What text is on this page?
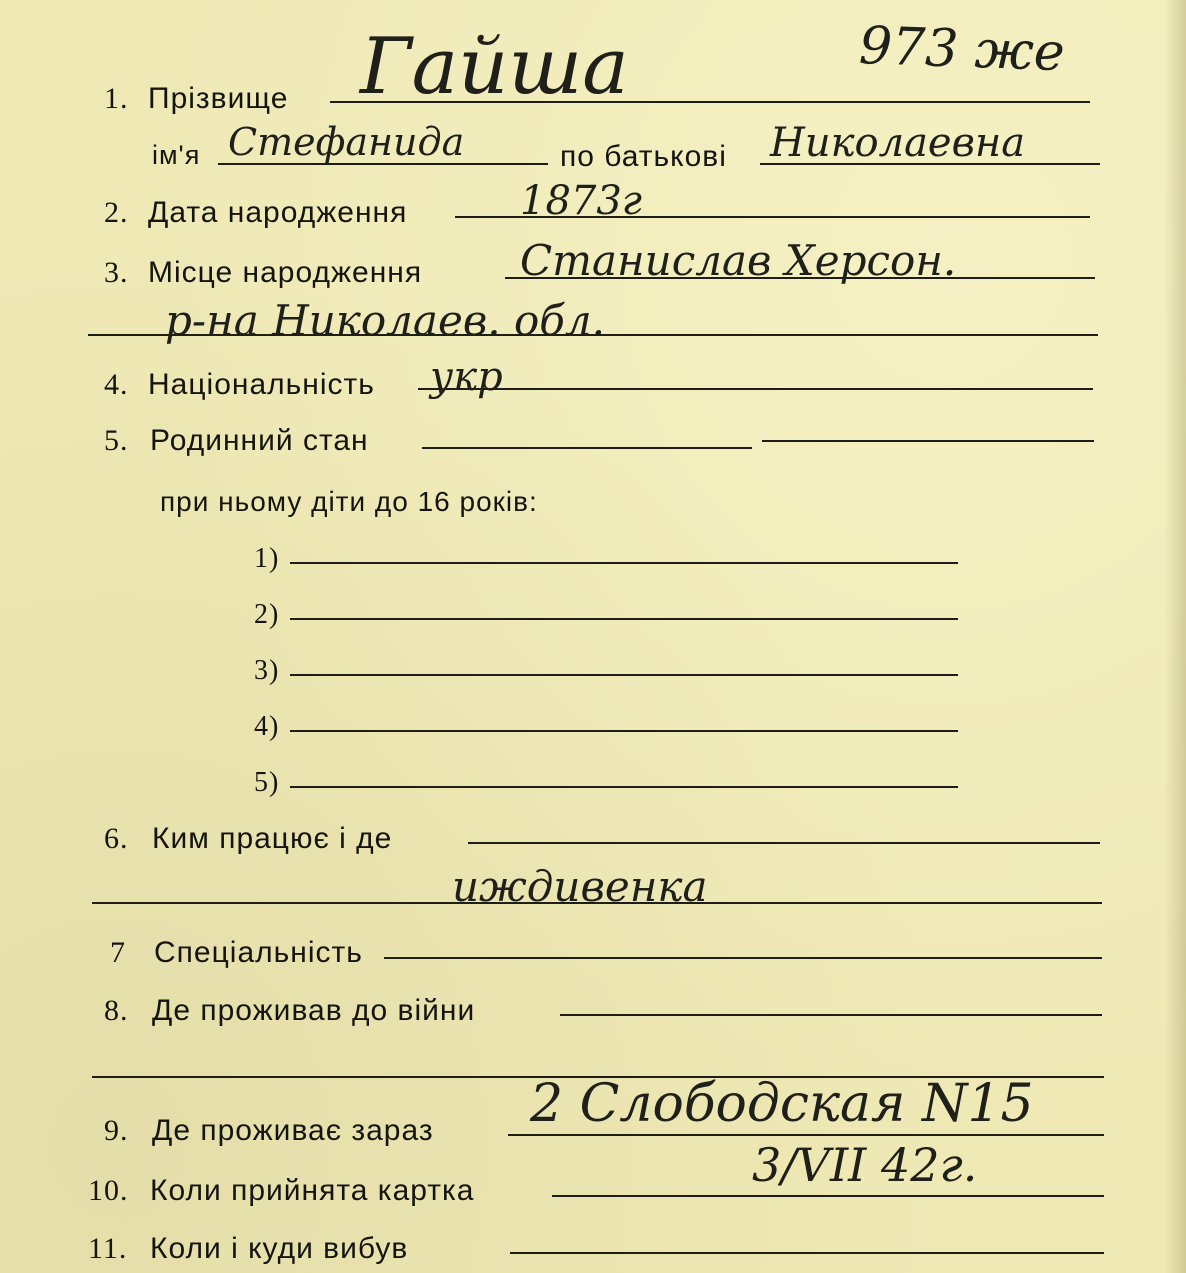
973 же
1. Прізвище Гайша
ім'я Стефанида	по батькові Николаевна
2. Дата народження	1873г
3. Місце народження Станислав Херсон.
р-на Николаев. обл.
4. Національність укр
5. Родинний стан
при ньому діти до 16 років:
1)
2)
3)
4)
5)
6. Ким працює і де
иждивенка
7 Спеціальність
8. Де проживав до війни
9. Де проживає зараз 2 Слободская N15
10. Коли прийнята картка	3/VII 42г.
11. Коли і куди вибув
